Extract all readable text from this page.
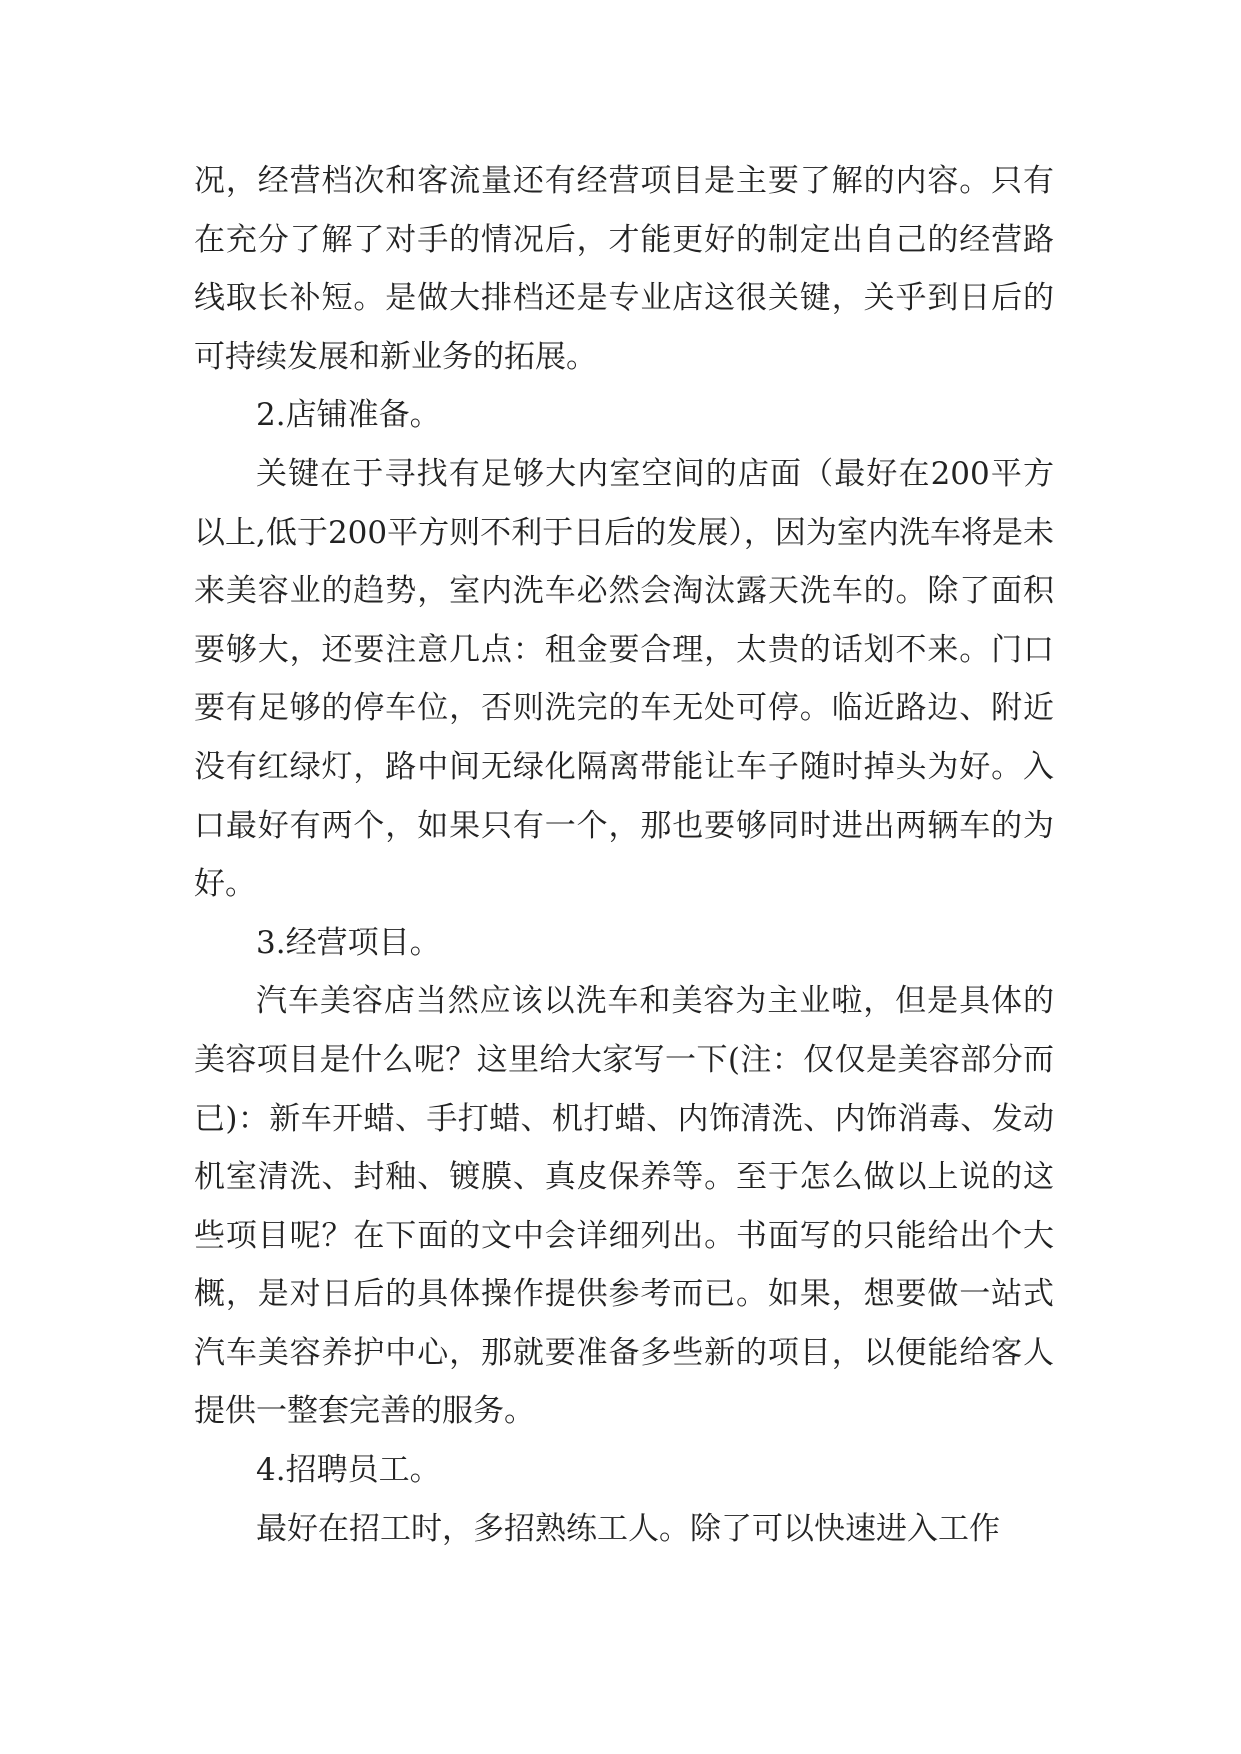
况，经营档次和客流量还有经营项目是主要了解的内容。只有在充分了解了对手的情况后，才能更好的制定出自己的经营路线取长补短。是做大排档还是专业店这很关键，关乎到日后的可持续发展和新业务的拓展。

2.店铺准备。

关键在于寻找有足够大内室空间的店面（最好在200平方以上,低于200平方则不利于日后的发展），因为室内洗车将是未来美容业的趋势，室内洗车必然会淘汰露天洗车的。除了面积要够大，还要注意几点：租金要合理，太贵的话划不来。门口要有足够的停车位，否则洗完的车无处可停。临近路边、附近没有红绿灯，路中间无绿化隔离带能让车子随时掉头为好。入口最好有两个，如果只有一个，那也要够同时进出两辆车的为好。

3.经营项目。

汽车美容店当然应该以洗车和美容为主业啦，但是具体的美容项目是什么呢？这里给大家写一下(注：仅仅是美容部分而已)：新车开蜡、手打蜡、机打蜡、内饰清洗、内饰消毒、发动机室清洗、封釉、镀膜、真皮保养等。至于怎么做以上说的这些项目呢？在下面的文中会详细列出。书面写的只能给出个大概，是对日后的具体操作提供参考而已。如果，想要做一站式汽车美容养护中心，那就要准备多些新的项目，以便能给客人提供一整套完善的服务。

4.招聘员工。

最好在招工时，多招熟练工人。除了可以快速进入工作
